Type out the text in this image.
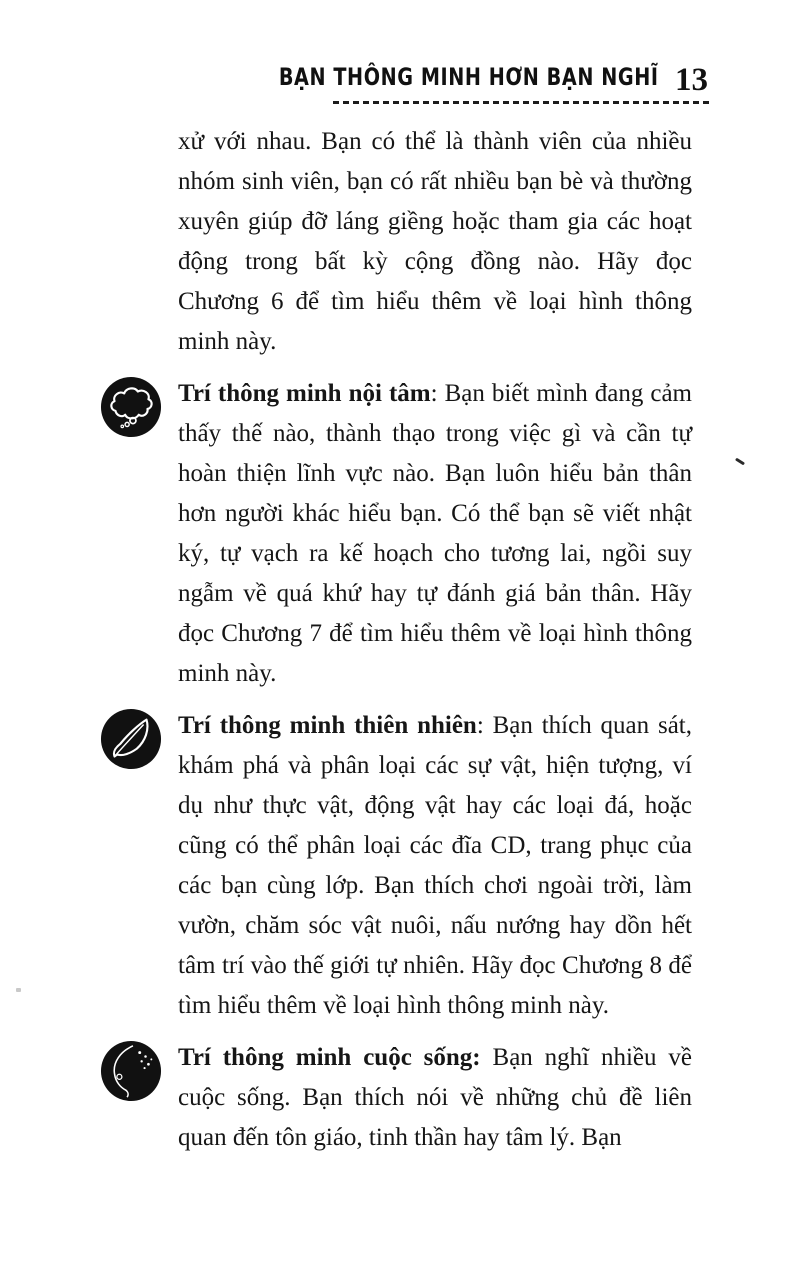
BẠN THÔNG MINH HƠN BẠN NGHĨ 13

xử với nhau. Bạn có thể là thành viên của nhiều nhóm sinh viên, bạn có rất nhiều bạn bè và thường xuyên giúp đỡ láng giềng hoặc tham gia các hoạt động trong bất kỳ cộng đồng nào. Hãy đọc Chương 6 để tìm hiểu thêm về loại hình thông minh này.

Trí thông minh nội tâm: Bạn biết mình đang cảm thấy thế nào, thành thạo trong việc gì và cần tự hoàn thiện lĩnh vực nào. Bạn luôn hiểu bản thân hơn người khác hiểu bạn. Có thể bạn sẽ viết nhật ký, tự vạch ra kế hoạch cho tương lai, ngồi suy ngẫm về quá khứ hay tự đánh giá bản thân. Hãy đọc Chương 7 để tìm hiểu thêm về loại hình thông minh này.

Trí thông minh thiên nhiên: Bạn thích quan sát, khám phá và phân loại các sự vật, hiện tượng, ví dụ như thực vật, động vật hay các loại đá, hoặc cũng có thể phân loại các đĩa CD, trang phục của các bạn cùng lớp. Bạn thích chơi ngoài trời, làm vườn, chăm sóc vật nuôi, nấu nướng hay dồn hết tâm trí vào thế giới tự nhiên. Hãy đọc Chương 8 để tìm hiểu thêm về loại hình thông minh này.

Trí thông minh cuộc sống: Bạn nghĩ nhiều về cuộc sống. Bạn thích nói về những chủ đề liên quan đến tôn giáo, tinh thần hay tâm lý. Bạn
